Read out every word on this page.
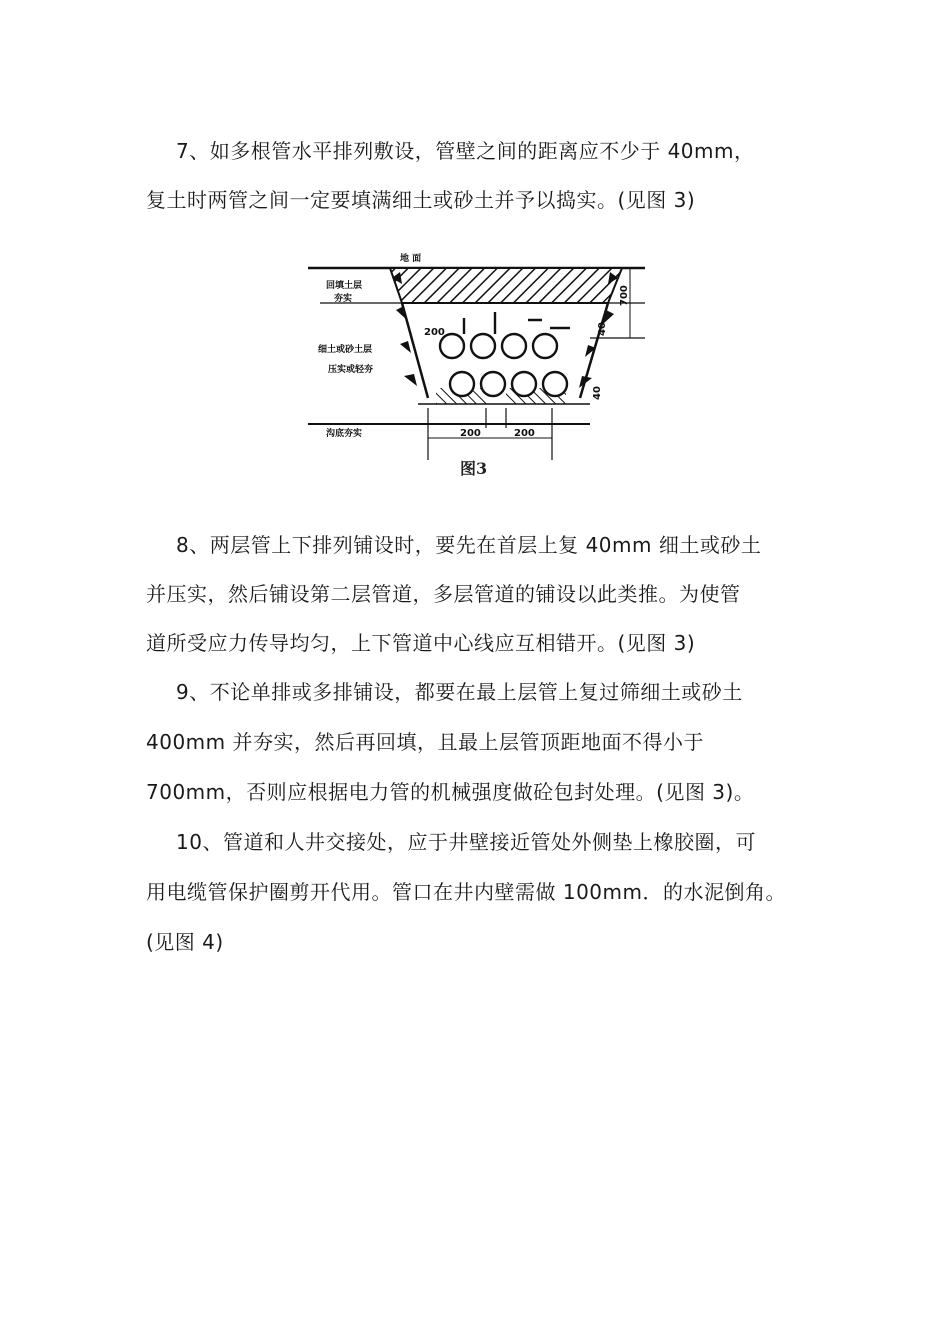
7、如多根管水平排列敷设，管壁之间的距离应不少于 40mm，
复土时两管之间一定要填满细土或砂土并予以捣实。(见图 3)
地 面
200	200
200
700
40
40
回填土层
夯实
细土或砂土层
压实或轻夯
沟底夯实
图3
8、两层管上下排列铺设时，要先在首层上复 40mm 细土或砂土
并压实，然后铺设第二层管道，多层管道的铺设以此类推。为使管
道所受应力传导均匀，上下管道中心线应互相错开。(见图 3)
9、不论单排或多排铺设，都要在最上层管上复过筛细土或砂土
400mm 并夯实，然后再回填，且最上层管顶距地面不得小于
700mm，否则应根据电力管的机械强度做砼包封处理。(见图 3)。
10、管道和人井交接处，应于井壁接近管处外侧垫上橡胶圈，可
用电缆管保护圈剪开代用。管口在井内壁需做 100mm．的水泥倒角。
(见图 4)
